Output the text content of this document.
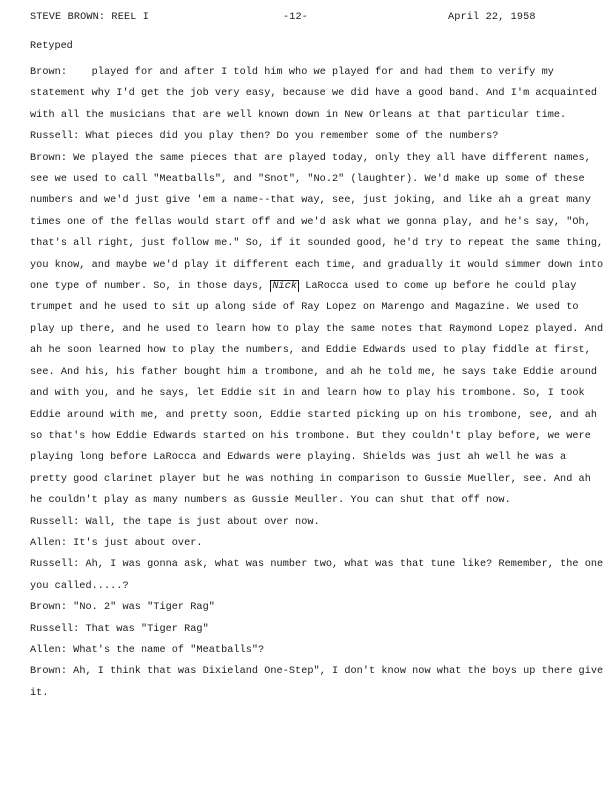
STEVE BROWN: REEL I	-12-	April 22, 1958
Retyped

Brown: played for and after I told him who we played for and had them to verify my statement why I'd get the job very easy, because we did have a good band. And I'm acquainted with all the musicians that are well known down in New Orleans at that particular time.

Russell: What pieces did you play then? Do you remember some of the numbers?

Brown: We played the same pieces that are played today, only they all have different names, see we used to call "Meatballs", and "Snot", "No.2" (laughter). We'd make up some of these numbers and we'd just give 'em a name--that way, see, just joking, and like ah a great many times one of the fellas would start off and we'd ask what we gonna play, and he's say, "Oh, that's all right, just follow me." So, if it sounded good, he'd try to repeat the same thing, you know, and maybe we'd play it different each time, and gradually it would simmer down into one type of number. So, in those days, Nick LaRocca used to come up before he could play trumpet and he used to sit up along side of Ray Lopez on Marengo and Magazine. We used to play up there, and he used to learn how to play the same notes that Raymond Lopez played. And ah he soon learned how to play the numbers, and Eddie Edwards used to play fiddle at first, see. And his, his father bought him a trombone, and ah he told me, he says take Eddie around and with you, and he says, let Eddie sit in and learn how to play his trombone. So, I took Eddie around with me, and pretty soon, Eddie started picking up on his trombone, see, and ah so that's how Eddie Edwards started on his trombone. But they couldn't play before, we were playing long before LaRocca and Edwards were playing. Shields was just ah well he was a pretty good clarinet player but he was nothing in comparison to Gussie Mueller, see. And ah he couldn't play as many numbers as Gussie Meuller. You can shut that off now.

Russell: Wall, the tape is just about over now.

Allen: It's just about over.

Russell: Ah, I was gonna ask, what was number two, what was that tune like? Remember, the one you called.....?

Brown: "No. 2" was "Tiger Rag"

Russell: That was "Tiger Rag"

Allen: What's the name of "Meatballs"?

Brown: Ah, I think that was Dixieland One-Step", I don't know now what the boys up there give it.
